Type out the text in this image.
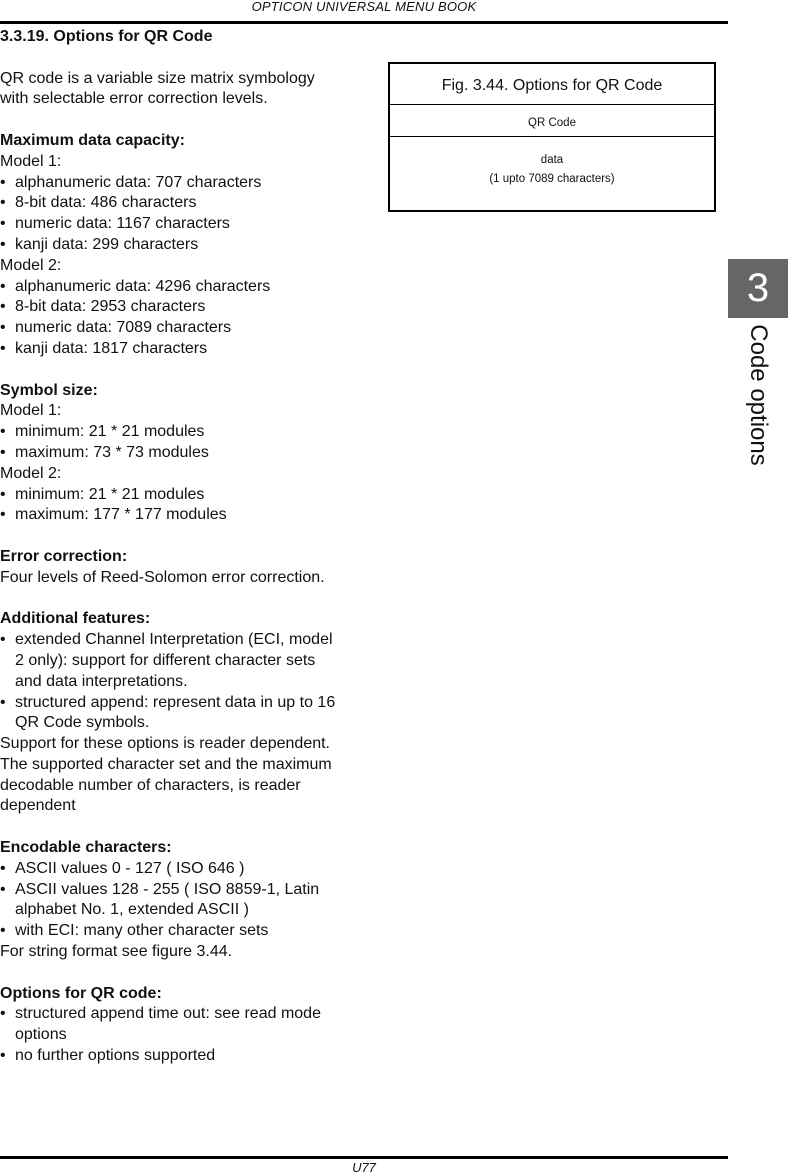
OPTICON UNIVERSAL MENU BOOK

3.3.19. Options for QR Code

QR code is a variable size matrix symbology

with selectable error correction levels.

Maximum data capacity:

Model 1:

• alphanumeric data: 707 characters
• 8-bit data: 486 characters
• numeric data: 1167 characters
• kanji data: 299 characters

Model 2:

• alphanumeric data: 4296 characters
• 8-bit data: 2953 characters
• numeric data: 7089 characters
• kanji data: 1817 characters

Symbol size:

Model 1:

• minimum: 21 * 21 modules
• maximum: 73 * 73 modules

Model 2:

• minimum: 21 * 21 modules
• maximum: 177 * 177 modules

Error correction:

Four levels of Reed-Solomon error correction.

Additional features:

• extended Channel Interpretation (ECI, model
2 only): support for different character sets
and data interpretations.
• structured append: represent data in up to 16
QR Code symbols.

Support for these options is reader dependent.

The supported character set and the maximum

decodable number of characters, is reader

dependent

Encodable characters:

• ASCII values 0 - 127 ( ISO 646 )
• ASCII values 128 - 255 ( ISO 8859-1, Latin
alphabet No. 1, extended ASCII )
• with ECI: many other character sets

For string format see figure 3.44.

Options for QR code:

• structured append time out: see read mode
options
• no further options supported
Fig. 3.44. Options for QR Code
QR Code
data
(1 upto 7089 characters)
3
Code options
U77
